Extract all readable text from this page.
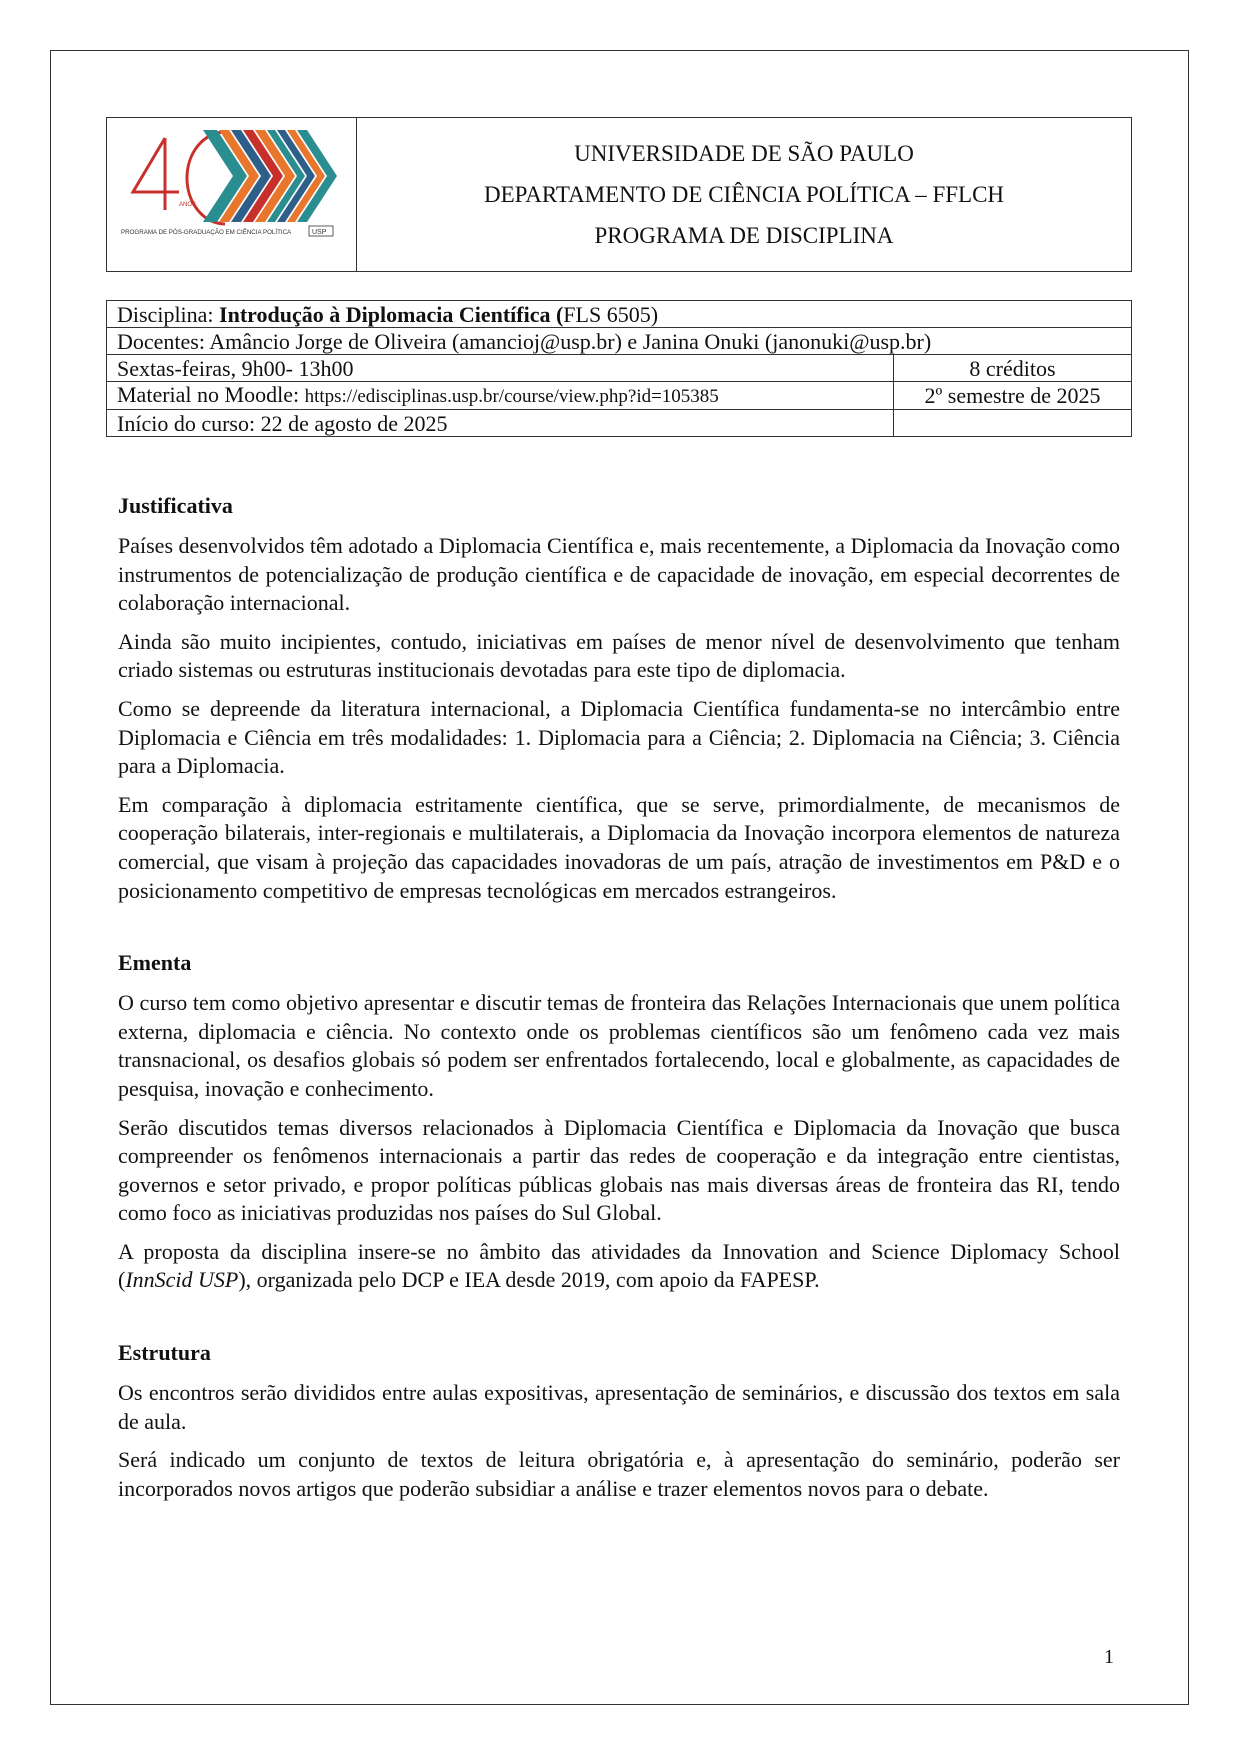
ANOS
PROGRAMA DE PÓS-GRADUAÇÃO EM CIÊNCIA POLÍTICA	USP
UNIVERSIDADE DE SÃO PAULO
DEPARTAMENTO DE CIÊNCIA POLÍTICA – FFLCH
PROGRAMA DE DISCIPLINA
Disciplina: Introdução à Diplomacia Científica (FLS 6505)	
Docentes: Amâncio Jorge de Oliveira (amancioj@usp.br) e Janina Onuki (janonuki@usp.br)	
Sextas-feiras, 9h00- 13h00	8 créditos
Material no Moodle: https://edisciplinas.usp.br/course/view.php?id=105385	2º semestre de 2025
Início do curso: 22 de agosto de 2025	
Justificativa

Países desenvolvidos têm adotado a Diplomacia Científica e, mais recentemente, a Diplomacia da Inovação como instrumentos de potencialização de produção científica e de capacidade de inovação, em especial decorrentes de colaboração internacional.

Ainda são muito incipientes, contudo, iniciativas em países de menor nível de desenvolvimento que tenham criado sistemas ou estruturas institucionais devotadas para este tipo de diplomacia.

Como se depreende da literatura internacional, a Diplomacia Científica fundamenta-se no intercâmbio entre Diplomacia e Ciência em três modalidades: 1. Diplomacia para a Ciência; 2. Diplomacia na Ciência; 3. Ciência para a Diplomacia.

Em comparação à diplomacia estritamente científica, que se serve, primordialmente, de mecanismos de cooperação bilaterais, inter-regionais e multilaterais, a Diplomacia da Inovação incorpora elementos de natureza comercial, que visam à projeção das capacidades inovadoras de um país, atração de investimentos em P&D e o posicionamento competitivo de empresas tecnológicas em mercados estrangeiros.

Ementa

O curso tem como objetivo apresentar e discutir temas de fronteira das Relações Internacionais que unem política externa, diplomacia e ciência. No contexto onde os problemas científicos são um fenômeno cada vez mais transnacional, os desafios globais só podem ser enfrentados fortalecendo, local e globalmente, as capacidades de pesquisa, inovação e conhecimento.

Serão discutidos temas diversos relacionados à Diplomacia Científica e Diplomacia da Inovação que busca compreender os fenômenos internacionais a partir das redes de cooperação e da integração entre cientistas, governos e setor privado, e propor políticas públicas globais nas mais diversas áreas de fronteira das RI, tendo como foco as iniciativas produzidas nos países do Sul Global.

A proposta da disciplina insere-se no âmbito das atividades da Innovation and Science Diplomacy School (InnScid USP), organizada pelo DCP e IEA desde 2019, com apoio da FAPESP.

Estrutura

Os encontros serão divididos entre aulas expositivas, apresentação de seminários, e discussão dos textos em sala de aula.

Será indicado um conjunto de textos de leitura obrigatória e, à apresentação do seminário, poderão ser incorporados novos artigos que poderão subsidiar a análise e trazer elementos novos para o debate.

1
